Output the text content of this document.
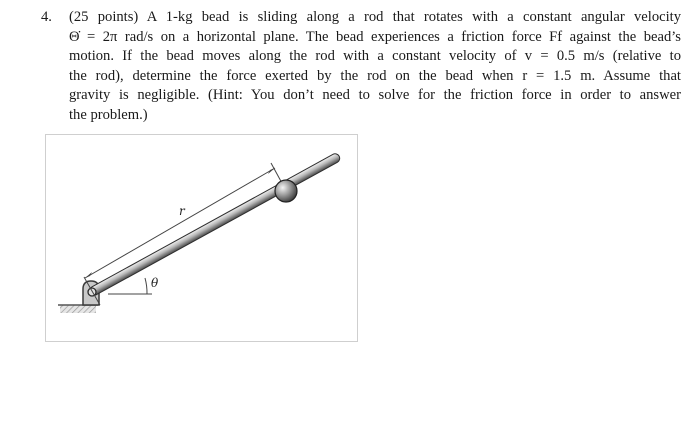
4. (25 points) A 1-kg bead is sliding along a rod that rotates with a constant angular velocity
Θ̇ = 2π rad/s on a horizontal plane. The bead experiences a friction force Ff against the bead’s
motion. If the bead moves along the rod with a constant velocity of v = 0.5 m/s (relative to
the rod), determine the force exerted by the rod on the bead when r = 1.5 m. Assume that
gravity is negligible. (Hint: You don’t need to solve for the friction force in order to answer
the problem.)
θ
r
